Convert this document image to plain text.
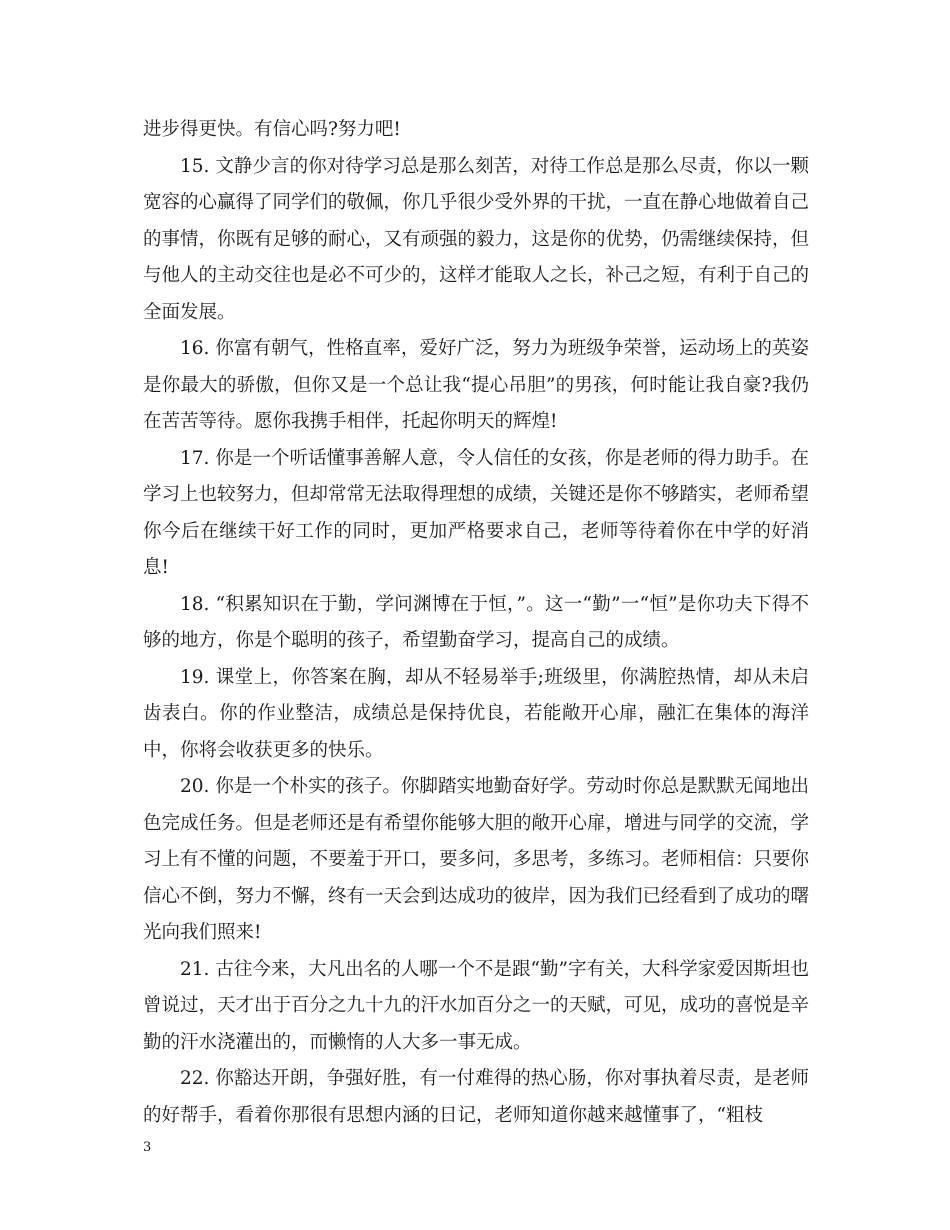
进步得更快。有信心吗?努力吧!

15. 文静少言的你对待学习总是那么刻苦，对待工作总是那么尽责，你以一颗宽容的心赢得了同学们的敬佩，你几乎很少受外界的干扰，一直在静心地做着自己的事情，你既有足够的耐心，又有顽强的毅力，这是你的优势，仍需继续保持，但与他人的主动交往也是必不可少的，这样才能取人之长，补己之短，有利于自己的全面发展。

16. 你富有朝气，性格直率，爱好广泛，努力为班级争荣誉，运动场上的英姿是你最大的骄傲，但你又是一个总让我“提心吊胆”的男孩，何时能让我自豪?我仍在苦苦等待。愿你我携手相伴，托起你明天的辉煌!

17. 你是一个听话懂事善解人意，令人信任的女孩，你是老师的得力助手。在学习上也较努力，但却常常无法取得理想的成绩，关键还是你不够踏实，老师希望你今后在继续干好工作的同时，更加严格要求自己，老师等待着你在中学的好消息!

18. “积累知识在于勤，学问渊博在于恒，”。这一“勤”一“恒”是你功夫下得不够的地方，你是个聪明的孩子，希望勤奋学习，提高自己的成绩。

19. 课堂上，你答案在胸，却从不轻易举手;班级里，你满腔热情，却从未启齿表白。你的作业整洁，成绩总是保持优良，若能敞开心扉，融汇在集体的海洋中，你将会收获更多的快乐。

20. 你是一个朴实的孩子。你脚踏实地勤奋好学。劳动时你总是默默无闻地出色完成任务。但是老师还是有希望你能够大胆的敞开心扉，增进与同学的交流，学习上有不懂的问题，不要羞于开口，要多问，多思考，多练习。老师相信：只要你信心不倒，努力不懈，终有一天会到达成功的彼岸，因为我们已经看到了成功的曙光向我们照来!

21. 古往今来，大凡出名的人哪一个不是跟“勤”字有关，大科学家爱因斯坦也曾说过，天才出于百分之九十九的汗水加百分之一的天赋，可见，成功的喜悦是辛勤的汗水浇灌出的，而懒惰的人大多一事无成。

22. 你豁达开朗，争强好胜，有一付难得的热心肠，你对事执着尽责，是老师的好帮手，看着你那很有思想内涵的日记，老师知道你越来越懂事了，“粗枝

3
